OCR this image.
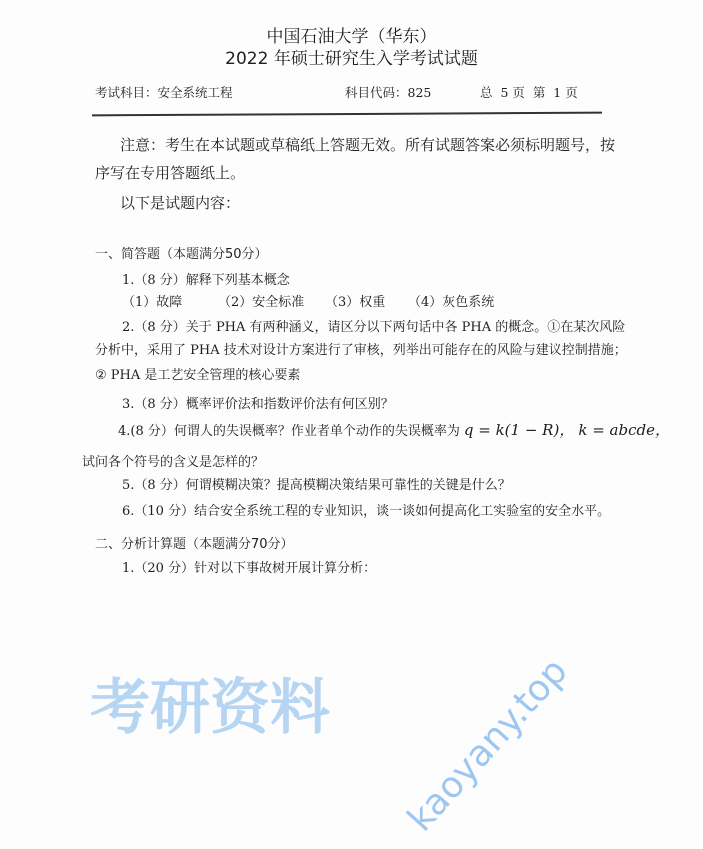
中国石油大学（华东）
2022 年硕士研究生入学考试试题
考试科目：安全系统工程	科目代码：825	总  5 页  第  1 页
注意：考生在本试题或草稿纸上答题无效。所有试题答案必须标明题号，按
序写在专用答题纸上。
以下是试题内容：
一、简答题（本题满分50分）
1.（8 分）解释下列基本概念
（1）故障	（2）安全标准 （3）权重 （4）灰色系统
2.（8 分）关于 PHA 有两种涵义，请区分以下两句话中各 PHA 的概念。①在某次风险
分析中，采用了 PHA 技术对设计方案进行了审核，列举出可能存在的风险与建议控制措施；
② PHA 是工艺安全管理的核心要素
3.（8 分）概率评价法和指数评价法有何区别？
4.(8 分）何谓人的失误概率？作业者单个动作的失误概率为 q = k(1 − R)， k = abcde，
试问各个符号的含义是怎样的？
5.（8 分）何谓模糊决策？提高模糊决策结果可靠性的关键是什么？
6.（10 分）结合安全系统工程的专业知识，谈一谈如何提高化工实验室的安全水平。
二、分析计算题（本题满分70分）
1.（20 分）针对以下事故树开展计算分析：
考研资料 kaoyany.top
